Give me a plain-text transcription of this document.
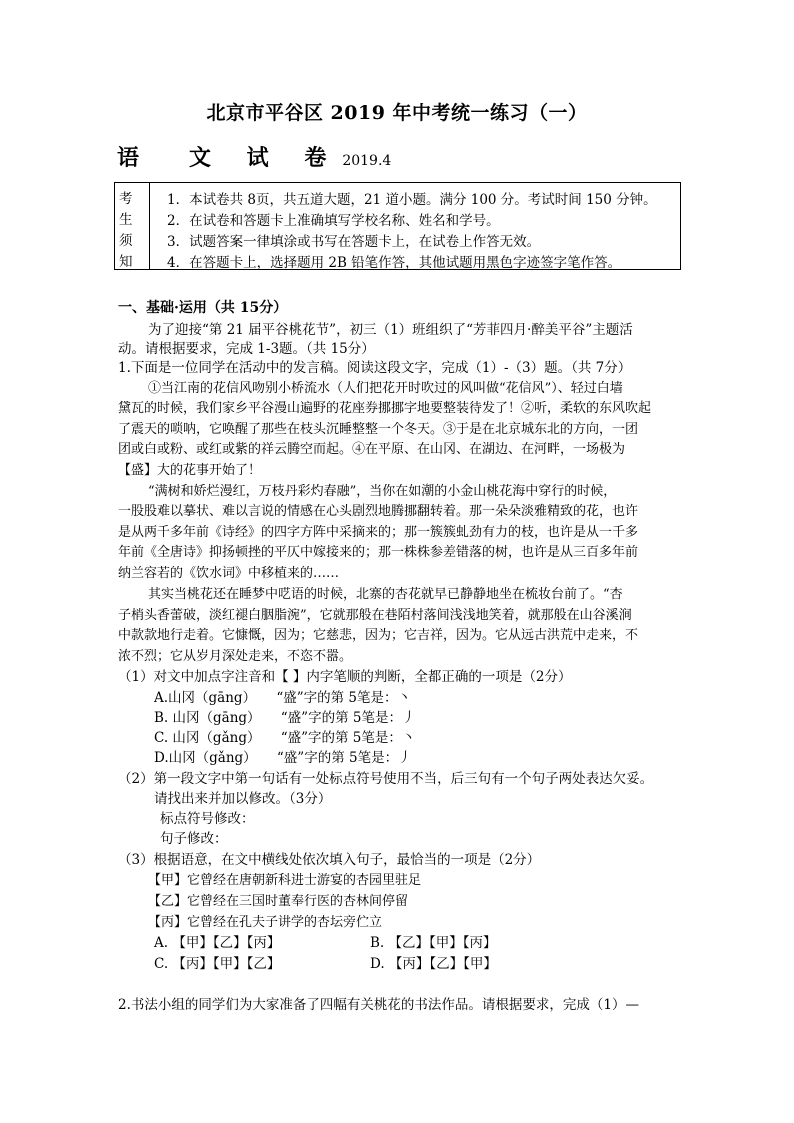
北京市平谷区 2019 年中考统一练习（一）
语　文 试 卷 2019.4
考
生
须
知
1．本试卷共 8页，共五道大题，21 道小题。满分 100 分。考试时间 150 分钟。
2．在试卷和答题卡上准确填写学校名称、姓名和学号。
3．试题答案一律填涂或书写在答题卡上，在试卷上作答无效。
4．在答题卡上，选择题用 2B 铅笔作答，其他试题用黑色字迹签字笔作答。
一、基础·运用（共 15分）
为了迎接“第 21 届平谷桃花节”，初三（1）班组织了“芳菲四月·醉美平谷”主题活
动。请根据要求，完成 1-3题。（共 15分）
1.下面是一位同学在活动中的发言稿。阅读这段文字，完成（1）-（3）题。（共 7分）
①当江南的花信风吻别小桥流水（人们把花开时吹过的风叫做“花信风”）、轻过白墙
黛瓦的时候，我们家乡平谷漫山遍野的花座券挪挪字地要整装待发了！②听，柔软的东风吹起
了震天的唢呐，它唤醒了那些在枝头沉睡整整一个冬天。③于是在北京城东北的方向，一团
团或白或粉、或红或紫的祥云腾空而起。④在平原、在山冈、在湖边、在河畔，一场极为
【盛】大的花事开始了！
“满树和娇烂漫红，万枝丹彩灼春融”，当你在如潮的小金山桃花海中穿行的时候，
一股股难以摹状、难以言说的情感在心头剧烈地腾挪翻转着。那一朵朵淡雅精致的花，也许
是从两千多年前《诗经》的四字方阵中采摘来的；那一簇簇虬劲有力的枝，也许是从一千多
年前《全唐诗》抑扬顿挫的平仄中嫁接来的；那一株株参差错落的树，也许是从三百多年前
纳兰容若的《饮水词》中移植来的……
其实当桃花还在睡梦中呓语的时候，北寨的杏花就早已静静地坐在梳妆台前了。“杏
子梢头香蕾破，淡红褪白胭脂涴”，它就那般在巷陌村落间浅浅地笑着，就那般在山谷溪涧
中款款地行走着。它慷慨，因为；它慈悲，因为；它吉祥，因为。它从远古洪荒中走来，不
浓不烈；它从岁月深处走来，不恣不嚣。
（1）对文中加点字注音和【 】内字笔顺的判断，全都正确的一项是（2分）
A.山冈（gāng）　　“盛”字的第 5笔是：丶
B. 山冈（gāng）　　“盛”字的第 5笔是：丿
C. 山冈（gǎng）　　“盛”字的第 5笔是：丶
D.山冈（gǎng）　　“盛”字的第 5笔是：丿
（2）第一段文字中第一句话有一处标点符号使用不当，后三句有一个句子两处表达欠妥。
请找出来并加以修改。（3分）
标点符号修改：
句子修改：
（3）根据语意，在文中横线处依次填入句子，最恰当的一项是（2分）
【甲】它曾经在唐朝新科进士游宴的杏园里驻足
【乙】它曾经在三国时董奉行医的杏林间停留
【丙】它曾经在孔夫子讲学的杏坛旁伫立
A. 【甲】【乙】【丙】	B. 【乙】【甲】【丙】
C. 【丙】【甲】【乙】	D. 【丙】【乙】【甲】
2.书法小组的同学们为大家准备了四幅有关桃花的书法作品。请根据要求，完成（1）—
